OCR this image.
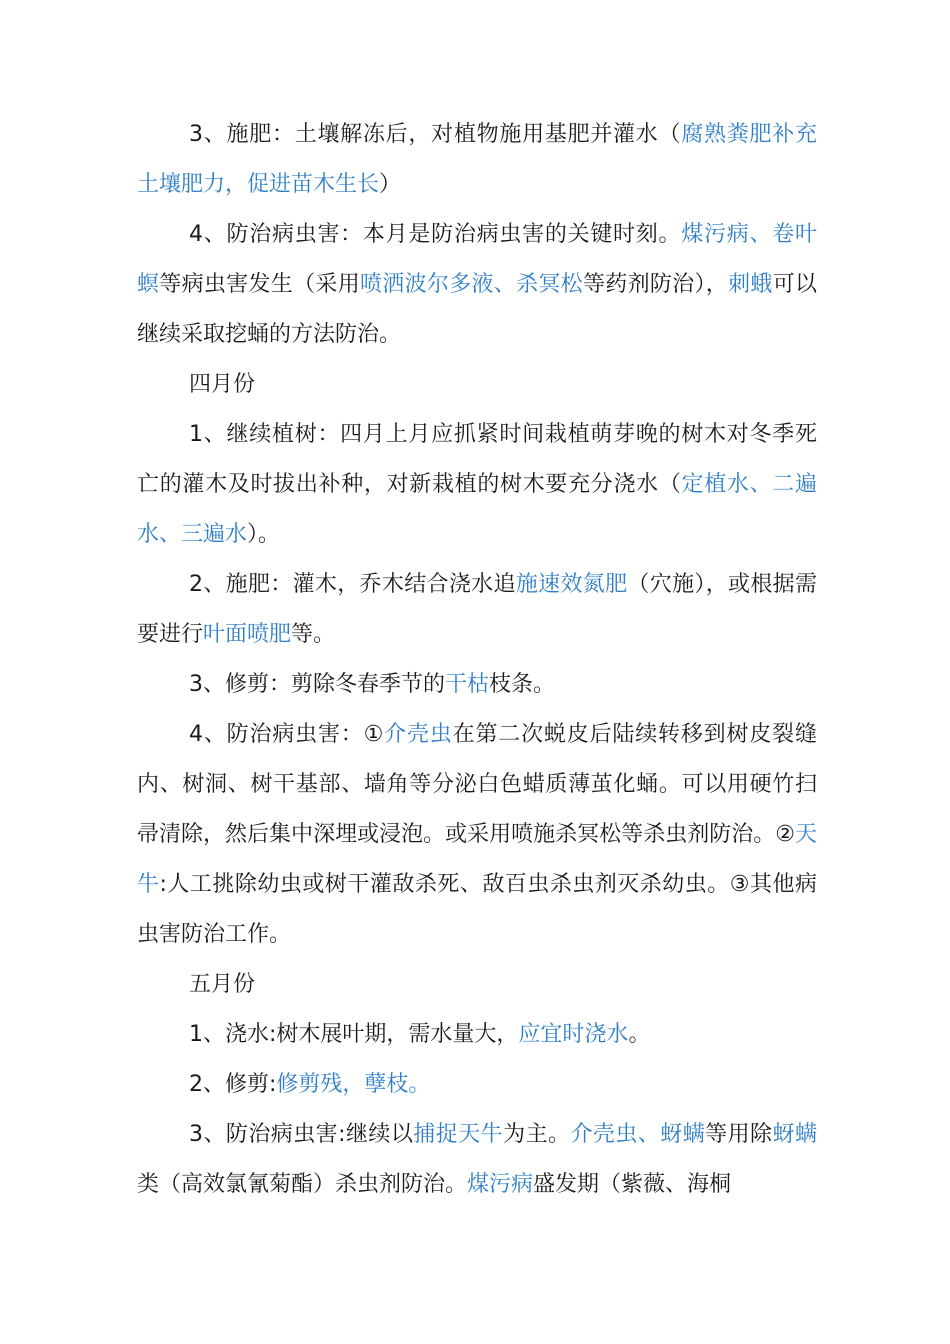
3、施肥：土壤解冻后，对植物施用基肥并灌水（腐熟粪肥补充土壤肥力，促进苗木生长）

4、防治病虫害：本月是防治病虫害的关键时刻。煤污病、卷叶螟等病虫害发生（采用喷洒波尔多液、杀冥松等药剂防治），刺蛾可以继续采取挖蛹的方法防治。

四月份

1、继续植树：四月上月应抓紧时间栽植萌芽晚的树木对冬季死亡的灌木及时拔出补种，对新栽植的树木要充分浇水（定植水、二遍水、三遍水）。

2、施肥：灌木，乔木结合浇水追施速效氮肥（穴施），或根据需要进行叶面喷肥等。

3、修剪：剪除冬春季节的干枯枝条。

4、防治病虫害：①介壳虫在第二次蜕皮后陆续转移到树皮裂缝内、树洞、树干基部、墙角等分泌白色蜡质薄茧化蛹。可以用硬竹扫帚清除，然后集中深埋或浸泡。或采用喷施杀冥松等杀虫剂防治。②天牛:人工挑除幼虫或树干灌敌杀死、敌百虫杀虫剂灭杀幼虫。③其他病虫害防治工作。

五月份

1、浇水:树木展叶期，需水量大，应宜时浇水。

2、修剪:修剪残，孽枝。

3、防治病虫害:继续以捕捉天牛为主。介壳虫、蚜螨等用除蚜螨类（高效氯氰菊酯）杀虫剂防治。煤污病盛发期（紫薇、海桐
